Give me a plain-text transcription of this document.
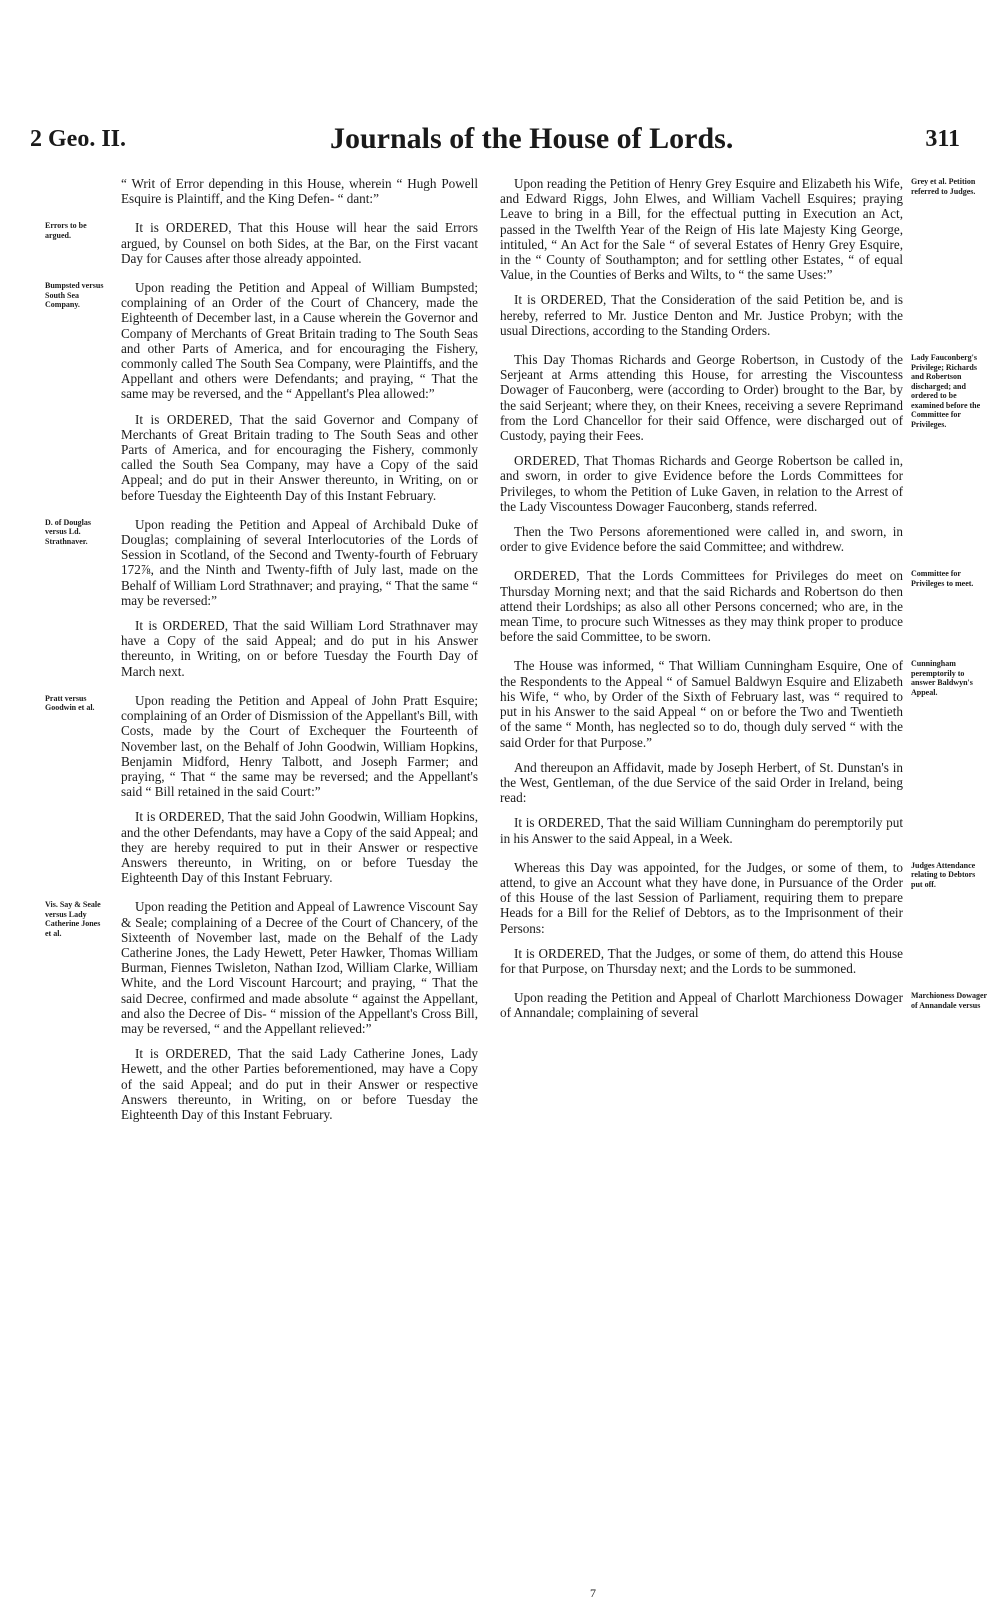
2 Geo. II.	Journals of the House of Lords.	311

“ Writ of Error depending in this House, wherein “ Hugh Powell Esquire is Plaintiff, and the King Defen- “ dant:”

Errors to be argued.	It is ORDERED, That this House will hear the said Errors argued, by Counsel on both Sides, at the Bar, on the First vacant Day for Causes after those already appointed.

Bumpsted versus South Sea Company.

Upon reading the Petition and Appeal of William Bumpsted; complaining of an Order of the Court of Chancery, made the Eighteenth of December last, in a Cause wherein the Governor and Company of Merchants of Great Britain trading to The South Seas and other Parts of America, and for encouraging the Fishery, commonly called The South Sea Company, were Plaintiffs, and the Appellant and others were Defendants; and praying, “ That the same may be reversed, and the “ Appellant's Plea allowed:”

It is ORDERED, That the said Governor and Company of Merchants of Great Britain trading to The South Seas and other Parts of America, and for encouraging the Fishery, commonly called the South Sea Company, may have a Copy of the said Appeal; and do put in their Answer thereunto, in Writing, on or before Tuesday the Eighteenth Day of this Instant February.

D. of Douglas versus Ld. Strathnaver.

Upon reading the Petition and Appeal of Archibald Duke of Douglas; complaining of several Interlocutories of the Lords of Session in Scotland, of the Second and Twenty-fourth of February 172⅞, and the Ninth and Twenty-fifth of July last, made on the Behalf of William Lord Strathnaver; and praying, “ That the same “ may be reversed:”

It is ORDERED, That the said William Lord Strathnaver may have a Copy of the said Appeal; and do put in his Answer thereunto, in Writing, on or before Tuesday the Fourth Day of March next.

Pratt versus Goodwin et al.	Upon reading the Petition and Appeal of John Pratt Esquire; complaining of an Order of Dismission of the Appellant's Bill, with Costs, made by the Court of Exchequer the Fourteenth of November last, on the Behalf of John Goodwin, William Hopkins, Benjamin Midford, Henry Talbott, and Joseph Farmer; and praying, “ That “ the same may be reversed; and the Appellant's said “ Bill retained in the said Court:”

It is ORDERED, That the said John Goodwin, William Hopkins, and the other Defendants, may have a Copy of the said Appeal; and they are hereby required to put in their Answer or respective Answers thereunto, in Writing, on or before Tuesday the Eighteenth Day of this Instant February.

Vis. Say & Seale versus Lady Catherine Jones et al.

Upon reading the Petition and Appeal of Lawrence Viscount Say & Seale; complaining of a Decree of the Court of Chancery, of the Sixteenth of November last, made on the Behalf of the Lady Catherine Jones, the Lady Hewett, Peter Hawker, Thomas William Burman, Fiennes Twisleton, Nathan Izod, William Clarke, William White, and the Lord Viscount Harcourt; and praying, “ That the said Decree, confirmed and made absolute “ against the Appellant, and also the Decree of Dis- “ mission of the Appellant's Cross Bill, may be reversed, “ and the Appellant relieved:”

It is ORDERED, That the said Lady Catherine Jones, Lady Hewett, and the other Parties beforementioned, may have a Copy of the said Appeal; and do put in their Answer or respective Answers thereunto, in Writing, on or before Tuesday the Eighteenth Day of this Instant February.

Grey et al. Petition referred to Judges.

Upon reading the Petition of Henry Grey Esquire and Elizabeth his Wife, and Edward Riggs, John Elwes, and William Vachell Esquires; praying Leave to bring in a Bill, for the effectual putting in Execution an Act, passed in the Twelfth Year of the Reign of His late Majesty King George, intituled, “ An Act for the Sale “ of several Estates of Henry Grey Esquire, in the “ County of Southampton; and for settling other Estates, “ of equal Value, in the Counties of Berks and Wilts, to “ the same Uses:”

It is ORDERED, That the Consideration of the said Petition be, and is hereby, referred to Mr. Justice Denton and Mr. Justice Probyn; with the usual Directions, according to the Standing Orders.

Lady Fauconberg's Privilege; Richards and Robertson discharged; and ordered to be examined before the Committee for Privileges.

This Day Thomas Richards and George Robertson, in Custody of the Serjeant at Arms attending this House, for arresting the Viscountess Dowager of Fauconberg, were (according to Order) brought to the Bar, by the said Serjeant; where they, on their Knees, receiving a severe Reprimand from the Lord Chancellor for their said Offence, were discharged out of Custody, paying their Fees.

ORDERED, That Thomas Richards and George Robertson be called in, and sworn, in order to give Evidence before the Lords Committees for Privileges, to whom the Petition of Luke Gaven, in relation to the Arrest of the Lady Viscountess Dowager Fauconberg, stands referred.

Then the Two Persons aforementioned were called in, and sworn, in order to give Evidence before the said Committee; and withdrew.

Committee for Privileges to meet.

ORDERED, That the Lords Committees for Privileges do meet on Thursday Morning next; and that the said Richards and Robertson do then attend their Lordships; as also all other Persons concerned; who are, in the mean Time, to procure such Witnesses as they may think proper to produce before the said Committee, to be sworn.

Cunningham peremptorily to answer Baldwyn's Appeal.

The House was informed, “ That William Cunningham Esquire, One of the Respondents to the Appeal “ of Samuel Baldwyn Esquire and Elizabeth his Wife, “ who, by Order of the Sixth of February last, was “ required to put in his Answer to the said Appeal “ on or before the Two and Twentieth of the same “ Month, has neglected so to do, though duly served “ with the said Order for that Purpose.”

And thereupon an Affidavit, made by Joseph Herbert, of St. Dunstan's in the West, Gentleman, of the due Service of the said Order in Ireland, being read:

It is ORDERED, That the said William Cunningham do peremptorily put in his Answer to the said Appeal, in a Week.

Judges Attendance relating to Debtors put off.

Whereas this Day was appointed, for the Judges, or some of them, to attend, to give an Account what they have done, in Pursuance of the Order of this House of the last Session of Parliament, requiring them to prepare Heads for a Bill for the Relief of Debtors, as to the Imprisonment of their Persons:

It is ORDERED, That the Judges, or some of them, do attend this House for that Purpose, on Thursday next; and the Lords to be summoned.

Marchioness Dowager of Annandale versus

Upon reading the Petition and Appeal of Charlott Marchioness Dowager of Annandale; complaining of several

7
